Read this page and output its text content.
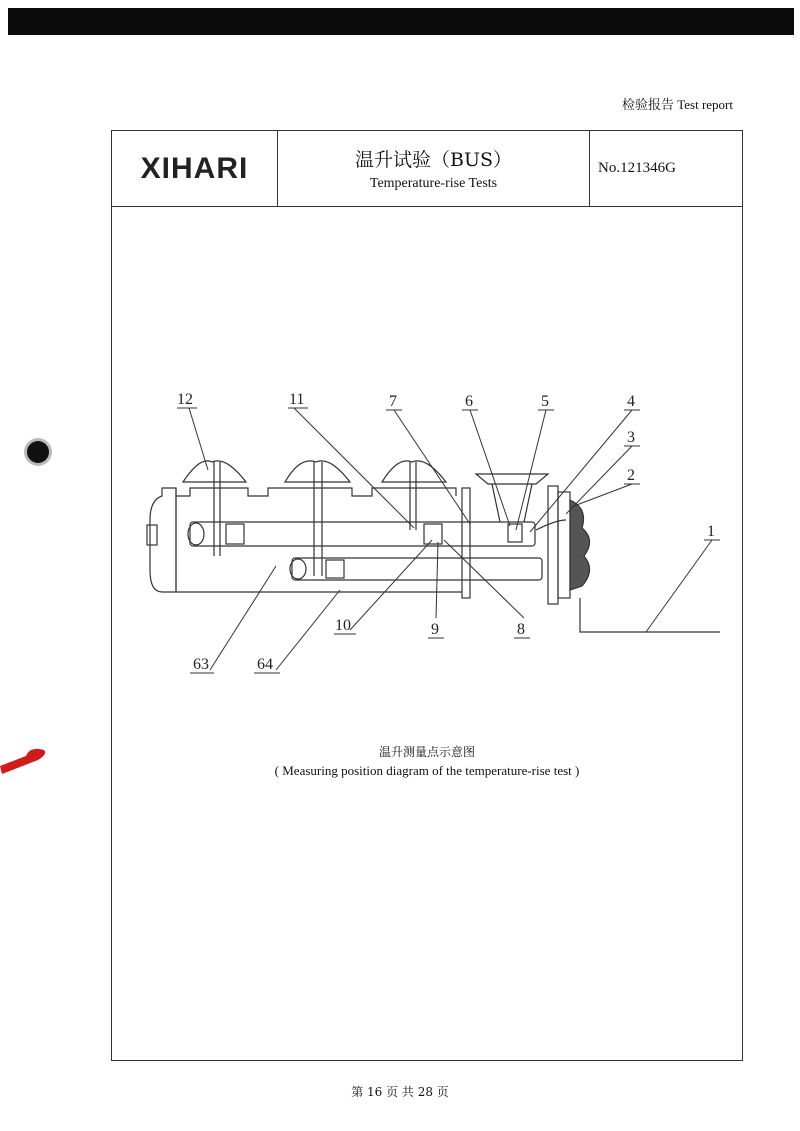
检验报告 Test report
XIHARI	温升试验（BUS）
Temperature-rise Tests
No.121346G
12	11	7	6	5	4
3
2
1
10	9	8
63	64
温升测量点示意图
( Measuring position diagram of the temperature-rise test )
第 16 页 共 28 页
